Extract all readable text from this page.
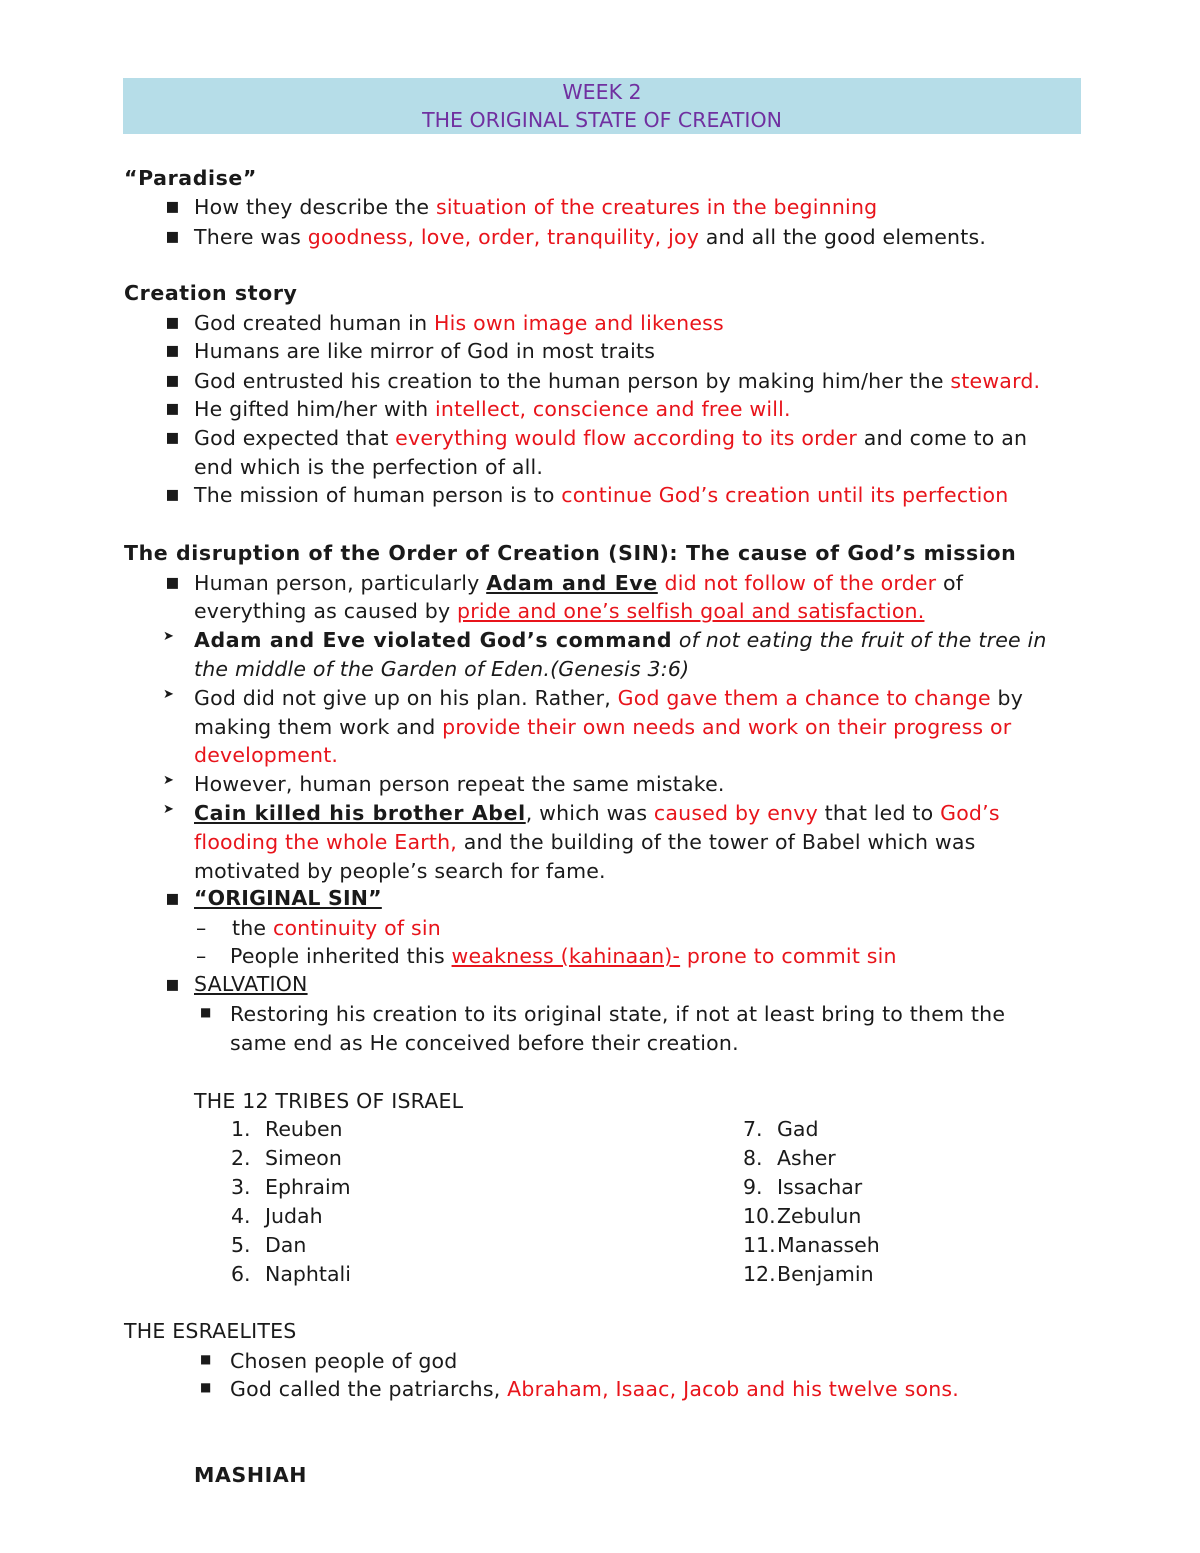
WEEK 2
THE ORIGINAL STATE OF CREATION
“Paradise”
▪
How they describe the situation of the creatures in the beginning
▪
There was goodness, love, order, tranquility, joy and all the good elements.
Creation story
▪
God created human in His own image and likeness
▪
Humans are like mirror of God in most traits
▪
God entrusted his creation to the human person by making him/her the steward.
▪
He gifted him/her with intellect, conscience and free will.
▪
God expected that everything would flow according to its order and come to an
end which is the perfection of all.
▪
The mission of human person is to continue God’s creation until its perfection
The disruption of the Order of Creation (SIN): The cause of God’s mission
▪
Human person, particularly Adam and Eve did not follow of the order of
everything as caused by pride and one’s selfish goal and satisfaction.
➤ Adam and Eve violated God’s command of not eating the fruit of the tree in
the middle of the Garden of Eden.(Genesis 3:6)
➤ God did not give up on his plan. Rather, God gave them a chance to change by
making them work and provide their own needs and work on their progress or
development.
➤ However, human person repeat the same mistake.
➤ Cain killed his brother Abel, which was caused by envy that led to God’s
flooding the whole Earth, and the building of the tower of Babel which was
motivated by people’s search for fame.
▪
“ORIGINAL SIN”
– the continuity of sin
– People inherited this weakness (kahinaan)- prone to commit sin
▪
SALVATION
■ Restoring his creation to its original state, if not at least bring to them the
same end as He conceived before their creation.
THE 12 TRIBES OF ISRAEL
1. Reuben
2. Simeon
3. Ephraim
4. Judah
5. Dan
6. Naphtali
7. Gad
8. Asher
9. Issachar
10. Zebulun
11. Manasseh
12. Benjamin
THE ESRAELITES
■ Chosen people of god
■ God called the patriarchs, Abraham, Isaac, Jacob and his twelve sons.
MASHIAH
